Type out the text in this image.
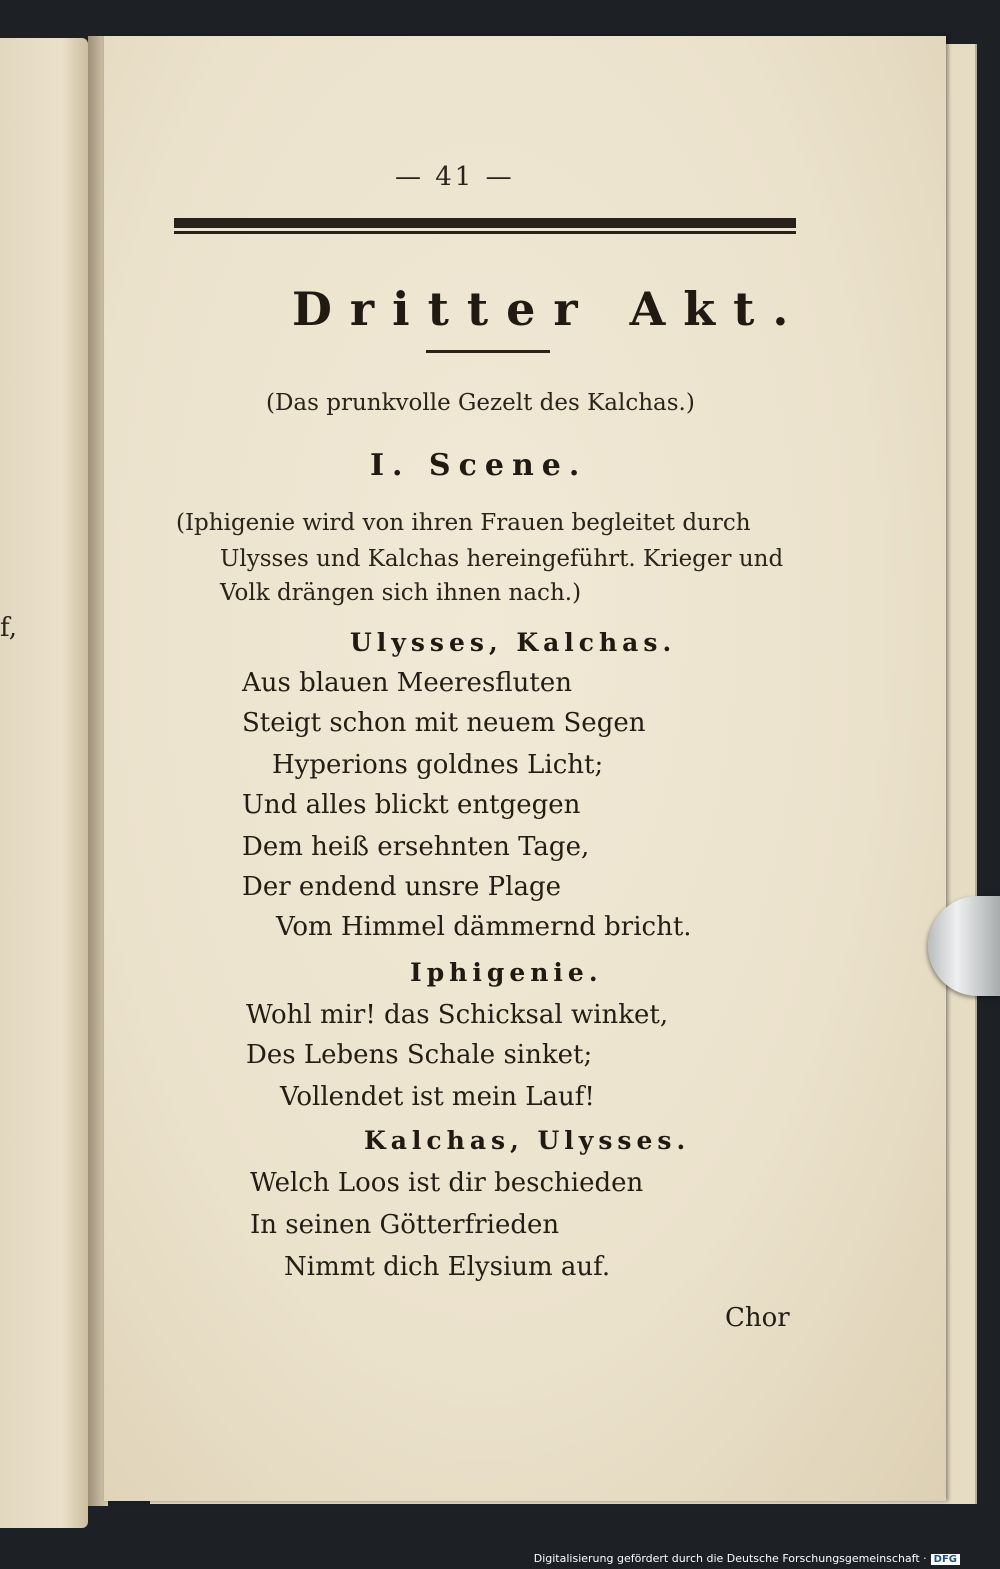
f,
— 41 —
Dritter Akt.
(Das prunkvolle Gezelt des Kalchas.)
I. Scene.
(Iphigenie wird von ihren Frauen begleitet durch
Ulysses und Kalchas hereingeführt. Krieger und
Volk drängen sich ihnen nach.)
Ulysses, Kalchas.
Aus blauen Meeresfluten
Steigt schon mit neuem Segen
Hyperions goldnes Licht;
Und alles blickt entgegen
Dem heiß ersehnten Tage,
Der endend unsre Plage
Vom Himmel dämmernd bricht.
Iphigenie.
Wohl mir! das Schicksal winket,
Des Lebens Schale sinket;
Vollendet ist mein Lauf!
Kalchas, Ulysses.
Welch Loos ist dir beschieden
In seinen Götterfrieden
Nimmt dich Elysium auf.
Chor
Digitalisierung gefördert durch die Deutsche Forschungsgemeinschaft · DFG
